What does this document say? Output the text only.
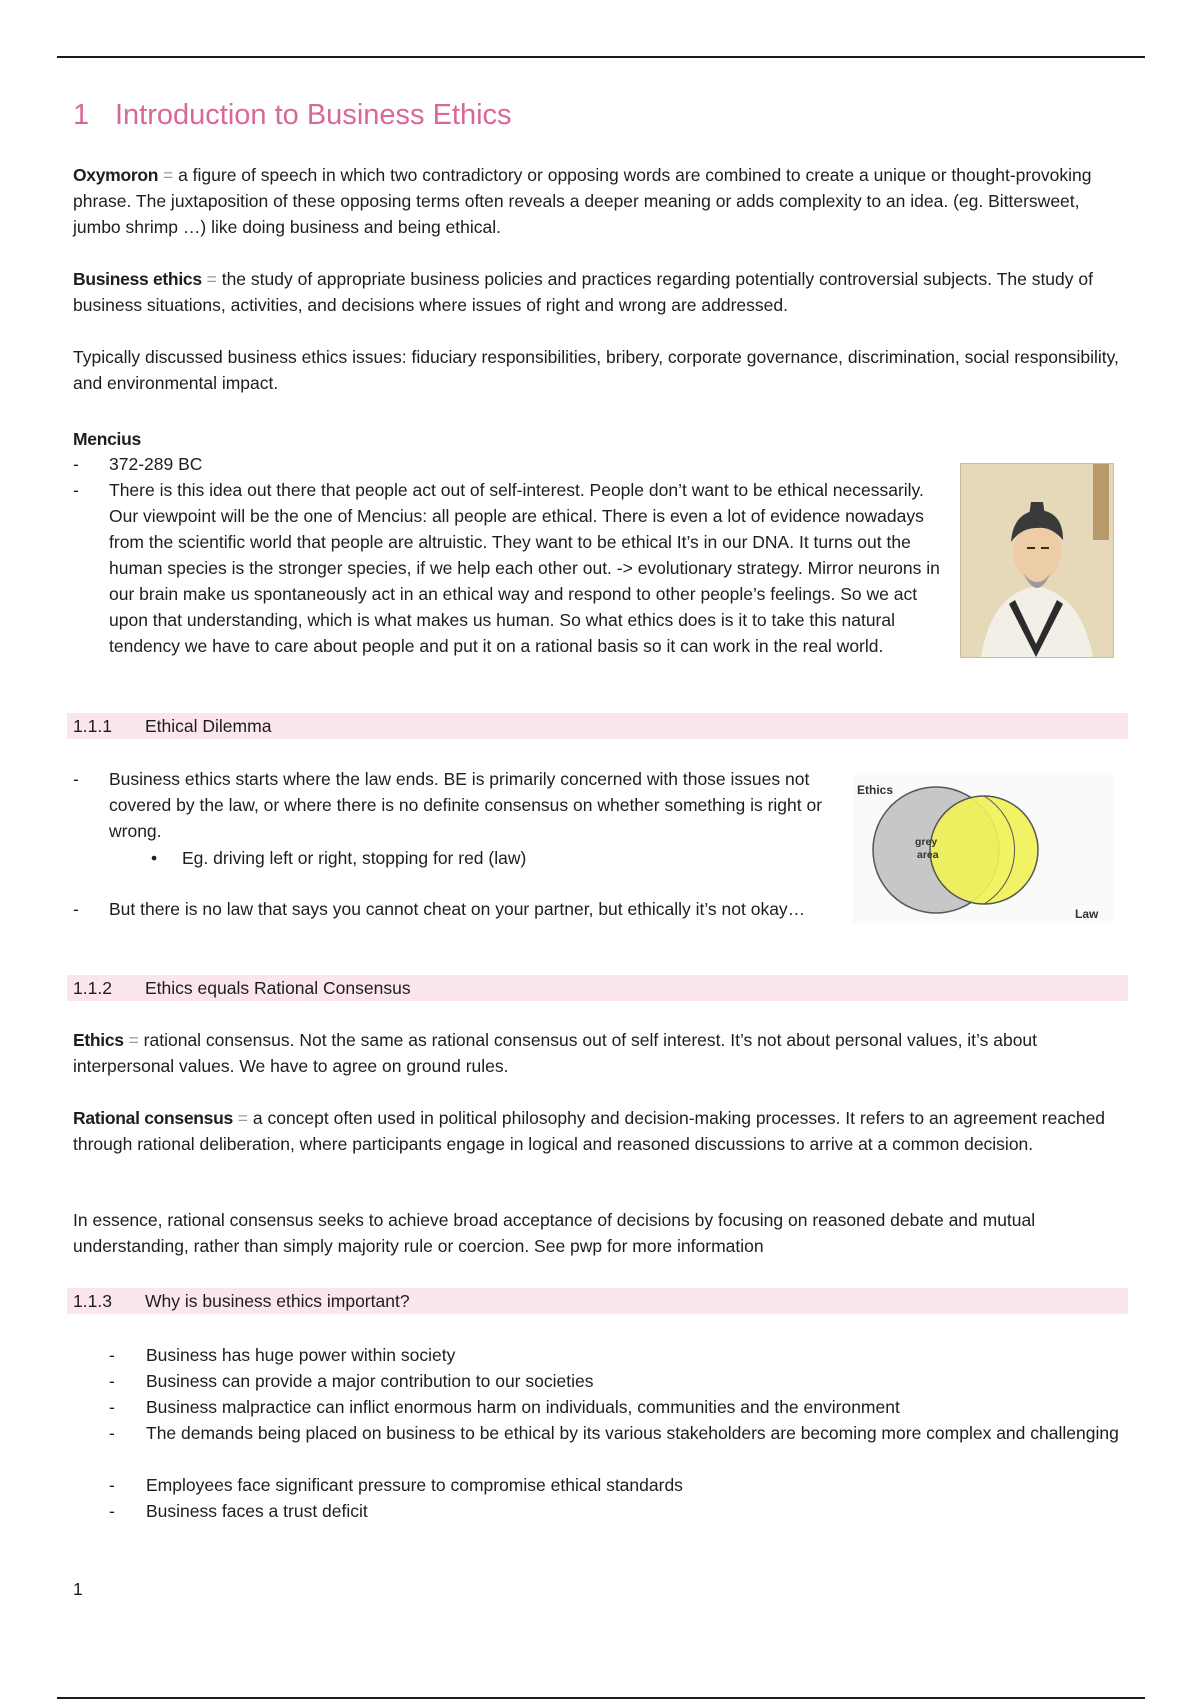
1 Introduction to Business Ethics

Oxymoron = a figure of speech in which two contradictory or opposing words are combined to create a unique or thought-provoking phrase. The juxtaposition of these opposing terms often reveals a deeper meaning or adds complexity to an idea. (eg. Bittersweet, jumbo shrimp …) like doing business and being ethical.

Business ethics = the study of appropriate business policies and practices regarding potentially controversial subjects. The study of business situations, activities, and decisions where issues of right and wrong are addressed.

Typically discussed business ethics issues: fiduciary responsibilities, bribery, corporate governance, discrimination, social responsibility, and environmental impact.

Mencius

- 372-289 BC
- There is this idea out there that people act out of self-interest. People don’t want to be ethical necessarily. Our viewpoint will be the one of Mencius: all people are ethical. There is even a lot of evidence nowadays from the scientific world that people are altruistic. They want to be ethical It’s in our DNA. It turns out the human species is the stronger species, if we help each other out. -> evolutionary strategy. Mirror neurons in our brain make us spontaneously act in an ethical way and respond to other people’s feelings. So we act upon that understanding, which is what makes us human. So what ethics does is it to take this natural tendency we have to care about people and put it on a rational basis so it can work in the real world.
1.1.1 Ethical Dilemma
- Business ethics starts where the law ends. BE is primarily concerned with those issues not covered by the law, or where there is no definite consensus on whether something is right or wrong.
• Eg. driving left or right, stopping for red (law)
- But there is no law that says you cannot cheat on your partner, but ethically it’s not okay…
Ethics
Law
grey
area
1.1.2 Ethics equals Rational Consensus

Ethics = rational consensus. Not the same as rational consensus out of self interest. It’s not about personal values, it’s about interpersonal values. We have to agree on ground rules.

Rational consensus = a concept often used in political philosophy and decision-making processes. It refers to an agreement reached through rational deliberation, where participants engage in logical and reasoned discussions to arrive at a common decision.

In essence, rational consensus seeks to achieve broad acceptance of decisions by focusing on reasoned debate and mutual understanding, rather than simply majority rule or coercion. See pwp for more information

1.1.3 Why is business ethics important?
- Business has huge power within society
- Business can provide a major contribution to our societies
- Business malpractice can inflict enormous harm on individuals, communities and the environment
- The demands being placed on business to be ethical by its various stakeholders are becoming more complex and challenging
- Employees face significant pressure to compromise ethical standards
- Business faces a trust deficit
1
